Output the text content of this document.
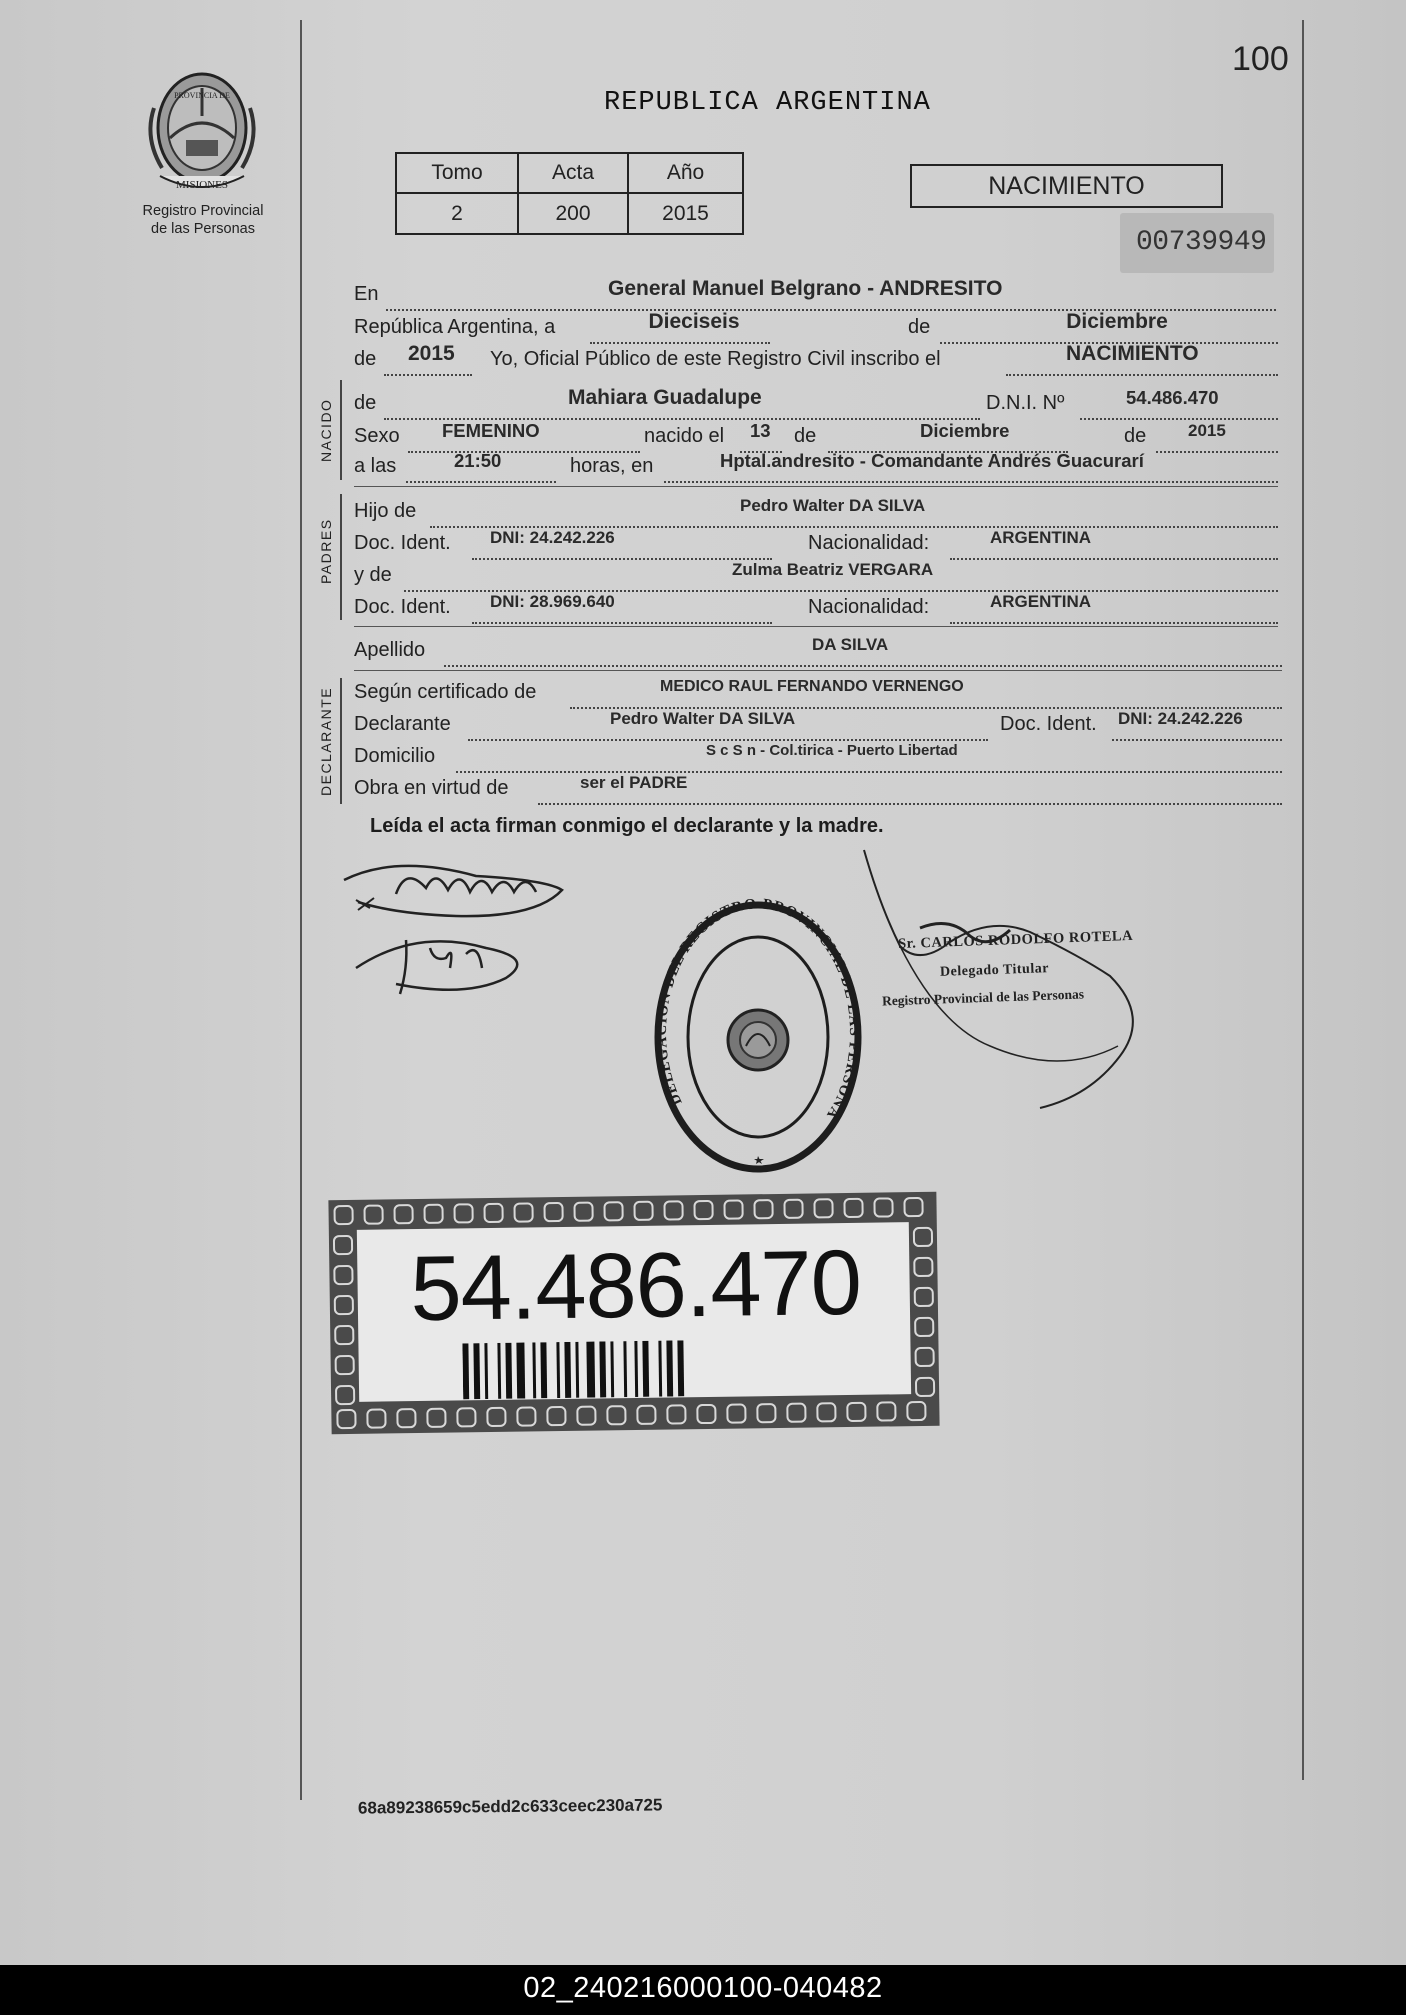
MISIONES
PROVINCIA DE
Registro Provincial
de las Personas
100
REPUBLICA ARGENTINA
Tomo	Acta	Año
2	200	2015
NACIMIENTO
00739949
En	General Manuel Belgrano - ANDRESITO
República Argentina, a	Dieciseis	de	Diciembre
de 2015 Yo, Oficial Público de este Registro Civil inscribo el	NACIMIENTO
NACIDO de	Mahiara Guadalupe	D.N.I. Nº	54.486.470
Sexo FEMENINO	nacido el 13 de	Diciembre	de 2015
a las	21:50	horas, en	Hptal.andresito - Comandante Andrés Guacurarí
PADRES
Hijo de	Pedro Walter DA SILVA
Doc. Ident. DNI: 24.242.226	Nacionalidad:	ARGENTINA
y de	Zulma Beatriz VERGARA
Doc. Ident. DNI: 28.969.640	Nacionalidad:	ARGENTINA
Apellido	DA SILVA
DECLARANTE Según certificado de	MEDICO RAUL FERNANDO VERNENGO
Declarante	Pedro Walter DA SILVA	Doc. Ident. DNI: 24.242.226
Domicilio	S c S n - Col.tirica - Puerto Libertad
Obra en virtud de	ser el PADRE
Leída el acta firman conmigo el declarante y la madre.
DELEGACION DEL REGISTRO PROVINCIAL DE LAS PERSONA
Sr. CARLOS RODOLFO ROTELA
Delegado Titular
Registro Provincial de las Personas
54.486.470
68a89238659c5edd2c633ceec230a725
02_240216000100-040482
